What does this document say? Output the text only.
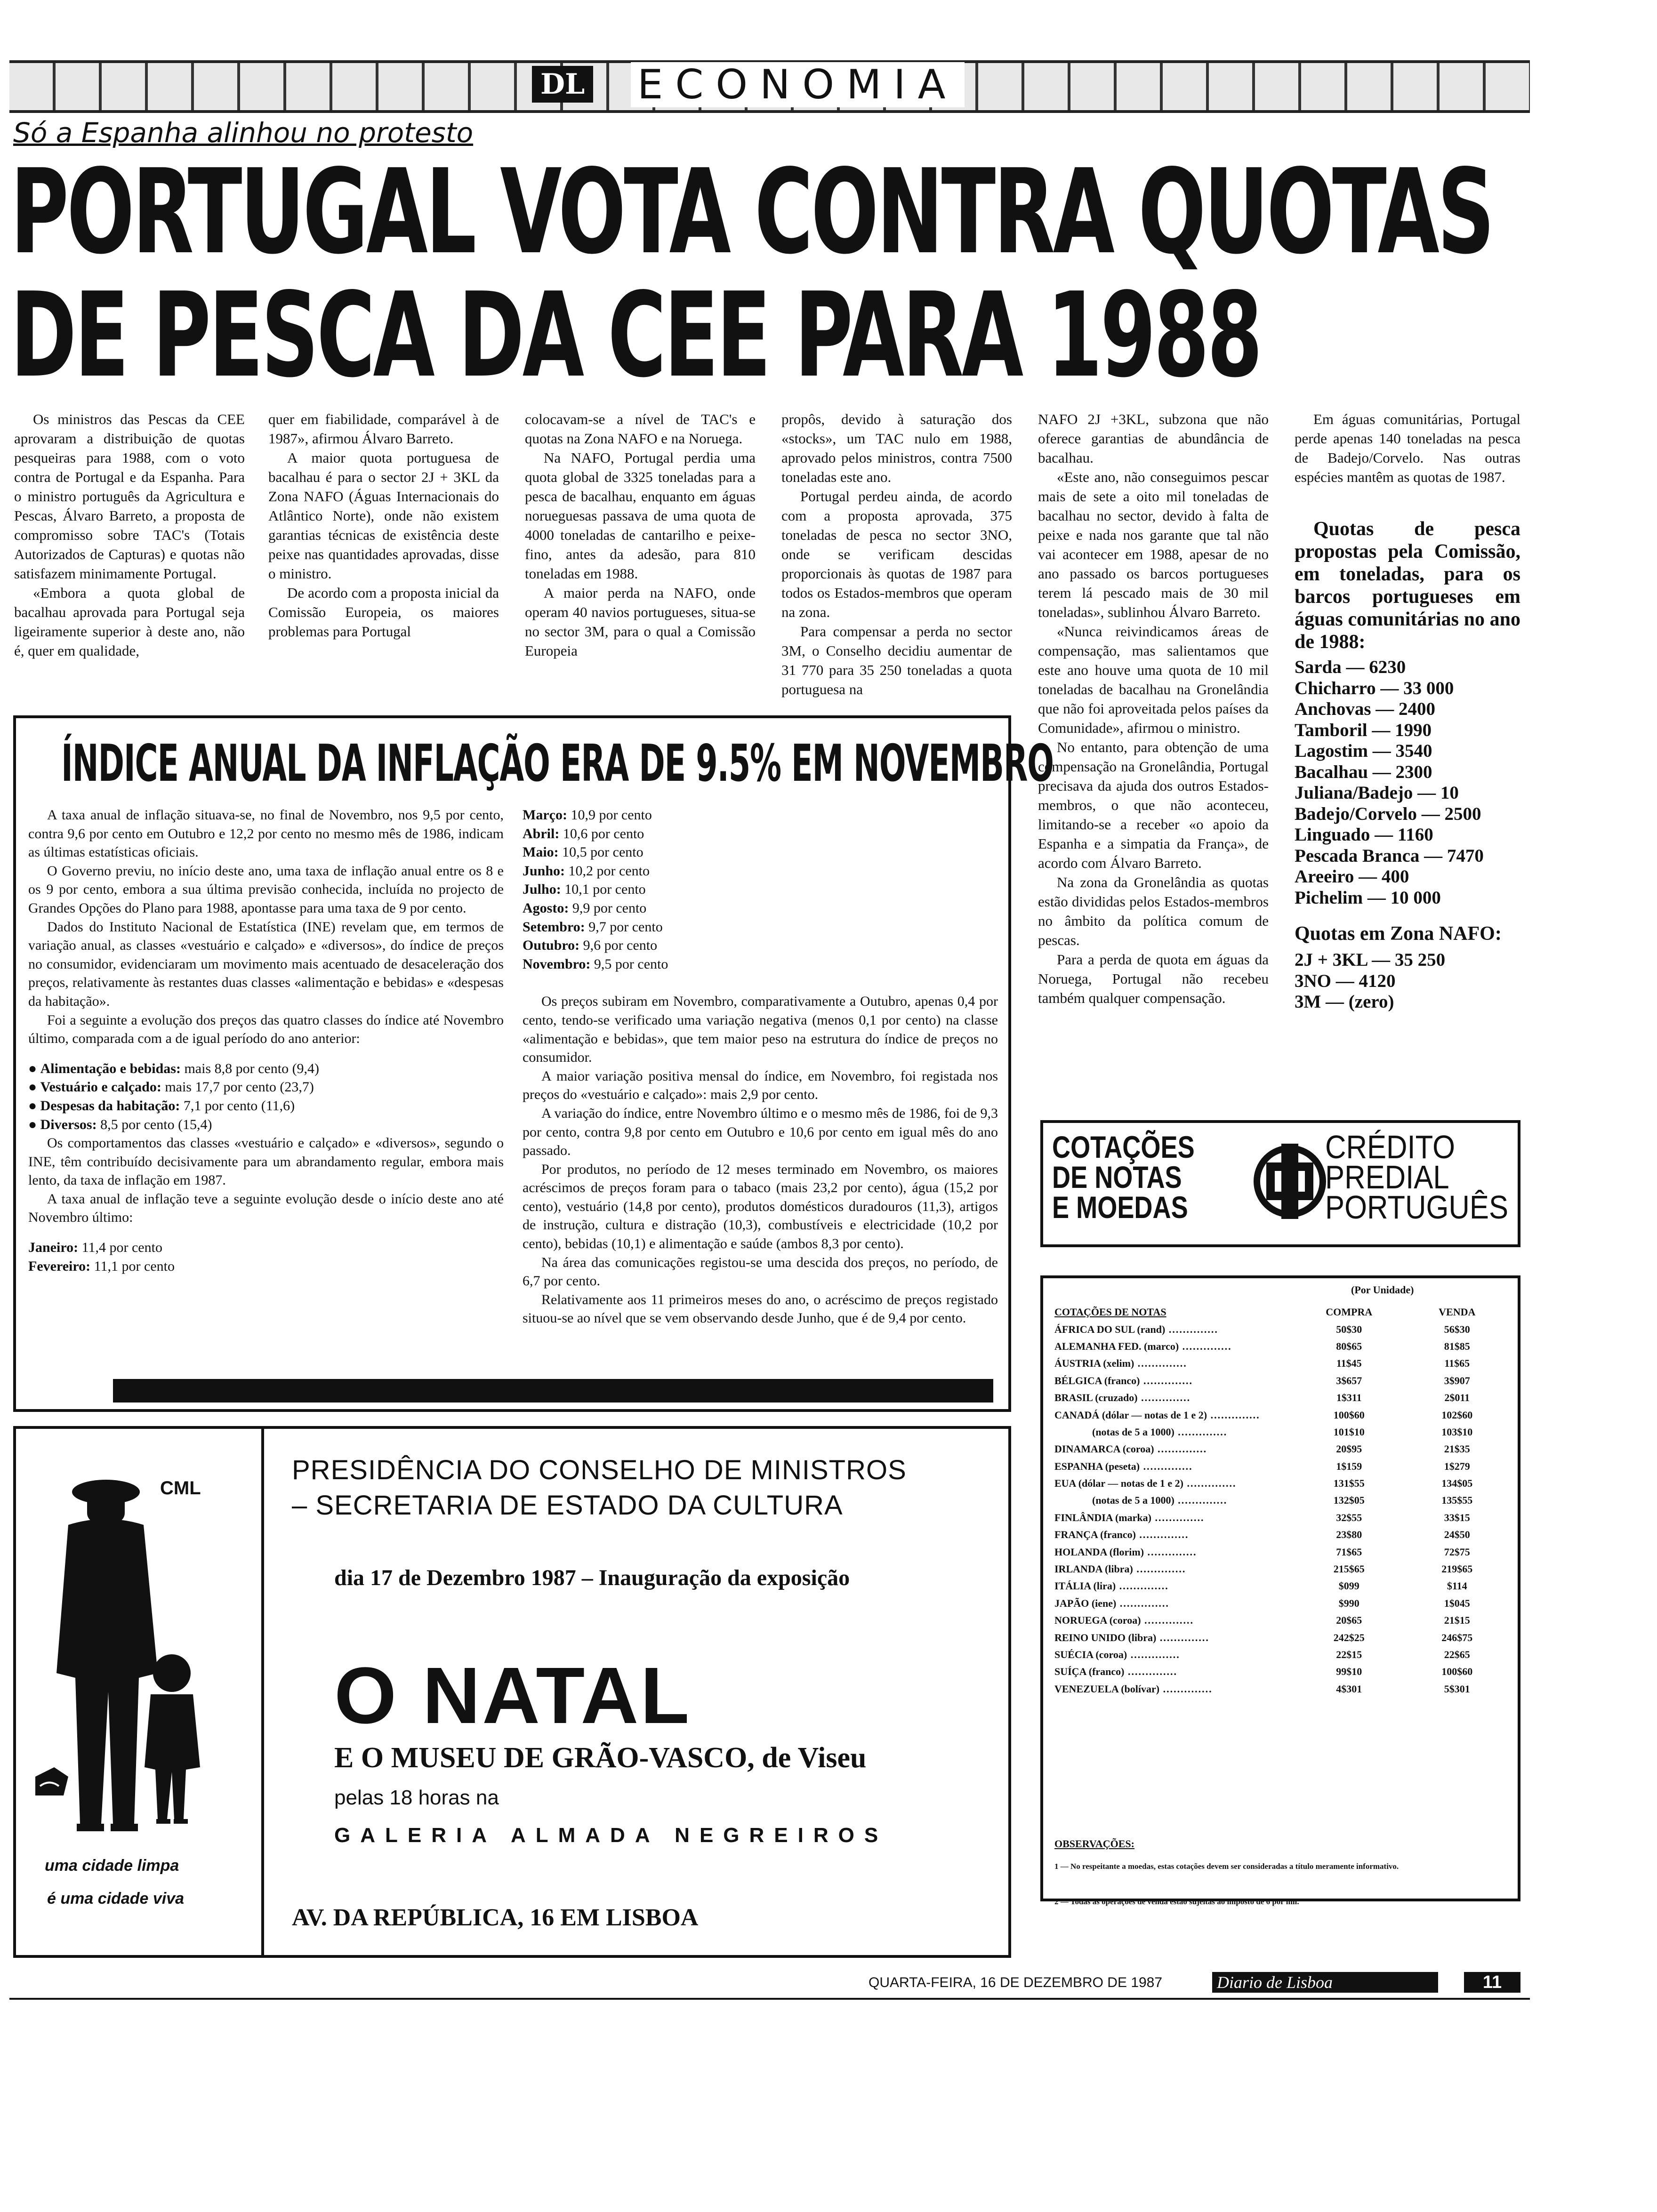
DL ECONOMIA
Só a Espanha alinhou no protesto
PORTUGAL VOTA CONTRA QUOTAS
DE PESCA DA CEE PARA 1988

Os ministros das Pescas da CEE aprovaram a distribuição de quotas pesqueiras para 1988, com o voto contra de Portugal e da Espanha. Para o ministro português da Agricultura e Pescas, Álvaro Barreto, a proposta de compromisso sobre TAC's (Totais Autorizados de Capturas) e quotas não satisfazem minimamente Portugal.

«Embora a quota global de bacalhau aprovada para Portugal seja ligeiramente superior à deste ano, não é, quer em qualidade,

quer em fiabilidade, comparável à de 1987», afirmou Álvaro Barreto.

A maior quota portuguesa de bacalhau é para o sector 2J + 3KL da Zona NAFO (Águas Internacionais do Atlântico Norte), onde não existem garantias técnicas de existência deste peixe nas quantidades aprovadas, disse o ministro.

De acordo com a proposta inicial da Comissão Europeia, os maiores problemas para Portugal

colocavam-se a nível de TAC's e quotas na Zona NAFO e na Noruega.

Na NAFO, Portugal perdia uma quota global de 3325 toneladas para a pesca de bacalhau, enquanto em águas norueguesas passava de uma quota de 4000 toneladas de cantarilho e peixe-fino, antes da adesão, para 810 toneladas em 1988.

A maior perda na NAFO, onde operam 40 navios portugueses, situa-se no sector 3M, para o qual a Comissão Europeia

propôs, devido à saturação dos «stocks», um TAC nulo em 1988, aprovado pelos ministros, contra 7500 toneladas este ano.

Portugal perdeu ainda, de acordo com a proposta aprovada, 375 toneladas de pesca no sector 3NO, onde se verificam descidas proporcionais às quotas de 1987 para todos os Estados-membros que operam na zona.

Para compensar a perda no sector 3M, o Conselho decidiu aumentar de 31 770 para 35 250 toneladas a quota portuguesa na

NAFO 2J +3KL, subzona que não oferece garantias de abundância de bacalhau.

«Este ano, não conseguimos pescar mais de sete a oito mil toneladas de bacalhau no sector, devido à falta de peixe e nada nos garante que tal não vai acontecer em 1988, apesar de no ano passado os barcos portugueses terem lá pescado mais de 30 mil toneladas», sublinhou Álvaro Barreto.

«Nunca reivindicamos áreas de compensação, mas salientamos que este ano houve uma quota de 10 mil toneladas de bacalhau na Gronelândia que não foi aproveitada pelos países da Comunidade», afirmou o ministro.

No entanto, para obtenção de uma compensação na Gronelândia, Portugal precisava da ajuda dos outros Estados-membros, o que não aconteceu, limitando-se a receber «o apoio da Espanha e a simpatia da França», de acordo com Álvaro Barreto.

Na zona da Gronelândia as quotas estão divididas pelos Estados-membros no âmbito da política comum de pescas.

Para a perda de quota em águas da Noruega, Portugal não recebeu também qualquer compensação.

Em águas comunitárias, Portugal perde apenas 140 toneladas na pesca de Badejo/Corvelo. Nas outras espécies mantêm as quotas de 1987.

Quotas de pesca propostas pela Comissão, em toneladas, para os barcos portugueses em águas comunitárias no ano de 1988:
Sarda — 6230
Chicharro — 33 000
Anchovas — 2400
Tamboril — 1990
Lagostim — 3540
Bacalhau — 2300
Juliana/Badejo — 10
Badejo/Corvelo — 2500
Linguado — 1160
Pescada Branca — 7470
Areeiro — 400
Pichelim — 10 000
Quotas em Zona NAFO:
2J + 3KL — 35 250
3NO — 4120
3M — (zero)
ÍNDICE ANUAL DA INFLAÇÃO ERA DE 9.5% EM NOVEMBRO

A taxa anual de inflação situava-se, no final de Novembro, nos 9,5 por cento, contra 9,6 por cento em Outubro e 12,2 por cento no mesmo mês de 1986, indicam as últimas estatísticas oficiais.

O Governo previu, no início deste ano, uma taxa de inflação anual entre os 8 e os 9 por cento, embora a sua última previsão conhecida, incluída no projecto de Grandes Opções do Plano para 1988, apontasse para uma taxa de 9 por cento.

Dados do Instituto Nacional de Estatística (INE) revelam que, em termos de variação anual, as classes «vestuário e calçado» e «diversos», do índice de preços no consumidor, evidenciaram um movimento mais acentuado de desaceleração dos preços, relativamente às restantes duas classes «alimentação e bebidas» e «despesas da habitação».

Foi a seguinte a evolução dos preços das quatro classes do índice até Novembro último, comparada com a de igual período do ano anterior:

● Alimentação e bebidas: mais 8,8 por cento (9,4)
● Vestuário e calçado: mais 17,7 por cento (23,7)
● Despesas da habitação: 7,1 por cento (11,6)
● Diversos: 8,5 por cento (15,4)

Os comportamentos das classes «vestuário e calçado» e «diversos», segundo o INE, têm contribuído decisivamente para um abrandamento regular, embora mais lento, da taxa de inflação em 1987.

A taxa anual de inflação teve a seguinte evolução desde o início deste ano até Novembro último:

Janeiro: 11,4 por cento
Fevereiro: 11,1 por cento
Março: 10,9 por cento
Abril: 10,6 por cento
Maio: 10,5 por cento
Junho: 10,2 por cento
Julho: 10,1 por cento
Agosto: 9,9 por cento
Setembro: 9,7 por cento
Outubro: 9,6 por cento
Novembro: 9,5 por cento

Os preços subiram em Novembro, comparativamente a Outubro, apenas 0,4 por cento, tendo-se verificado uma variação negativa (menos 0,1 por cento) na classe «alimentação e bebidas», que tem maior peso na estrutura do índice de preços no consumidor.

A maior variação positiva mensal do índice, em Novembro, foi registada nos preços do «vestuário e calçado»: mais 2,9 por cento.

A variação do índice, entre Novembro último e o mesmo mês de 1986, foi de 9,3 por cento, contra 9,8 por cento em Outubro e 10,6 por cento em igual mês do ano passado.

Por produtos, no período de 12 meses terminado em Novembro, os maiores acréscimos de preços foram para o tabaco (mais 23,2 por cento), água (15,2 por cento), vestuário (14,8 por cento), produtos domésticos duradouros (11,3), artigos de instrução, cultura e distração (10,3), combustíveis e electricidade (10,2 por cento), bebidas (10,1) e alimentação e saúde (ambos 8,3 por cento).

Na área das comunicações registou-se uma descida dos preços, no período, de 6,7 por cento.

Relativamente aos 11 primeiros meses do ano, o acréscimo de preços registado situou-se ao nível que se vem observando desde Junho, que é de 9,4 por cento.

CML
uma cidade limpa
é uma cidade viva
PRESIDÊNCIA DO CONSELHO DE MINISTROS
– SECRETARIA DE ESTADO DA CULTURA
dia 17 de Dezembro 1987 – Inauguração da exposição
O NATAL
E O MUSEU DE GRÃO-VASCO, de Viseu
pelas 18 horas na
GALERIA ALMADA NEGREIROS
AV. DA REPÚBLICA, 16 EM LISBOA
COTAÇÕES
DE NOTAS
E MOEDAS
CRÉDITO
PREDIAL
PORTUGUÊS
(Por Unidade)
COTAÇÕES DE NOTAS	COMPRA	VENDA
ÁFRICA DO SUL (rand) ..............	50$30	56$30
ALEMANHA FED. (marco) ..............	80$65	81$85
ÁUSTRIA (xelim) ..............	11$45	11$65
BÉLGICA (franco) ..............	3$657	3$907
BRASIL (cruzado) ..............	1$311	2$011
CANADÁ (dólar — notas de 1 e 2) ..............	100$60	102$60
(notas de 5 a 1000) ..............	101$10	103$10
DINAMARCA (coroa) ..............	20$95	21$35
ESPANHA (peseta) ..............	1$159	1$279
EUA (dólar — notas de 1 e 2) ..............	131$55	134$05
(notas de 5 a 1000) ..............	132$05	135$55
FINLÂNDIA (marka) ..............	32$55	33$15
FRANÇA (franco) ..............	23$80	24$50
HOLANDA (florim) ..............	71$65	72$75
IRLANDA (libra) ..............	215$65	219$65
ITÁLIA (lira) ..............	$099	$114
JAPÃO (iene) ..............	$990	1$045
NORUEGA (coroa) ..............	20$65	21$15
REINO UNIDO (libra) ..............	242$25	246$75
SUÉCIA (coroa) ..............	22$15	22$65
SUÍÇA (franco) ..............	99$10	100$60
VENEZUELA (bolívar) ..............	4$301	5$301
OBSERVAÇÕES:
1 — No respeitante a moedas, estas cotações devem ser consideradas a título meramente informativo.
2 — Todas as operações de venda estão sujeitas ao imposto de 6 por mil.
QUARTA-FEIRA, 16 DE DEZEMBRO DE 1987	Diario de Lisboa	11
